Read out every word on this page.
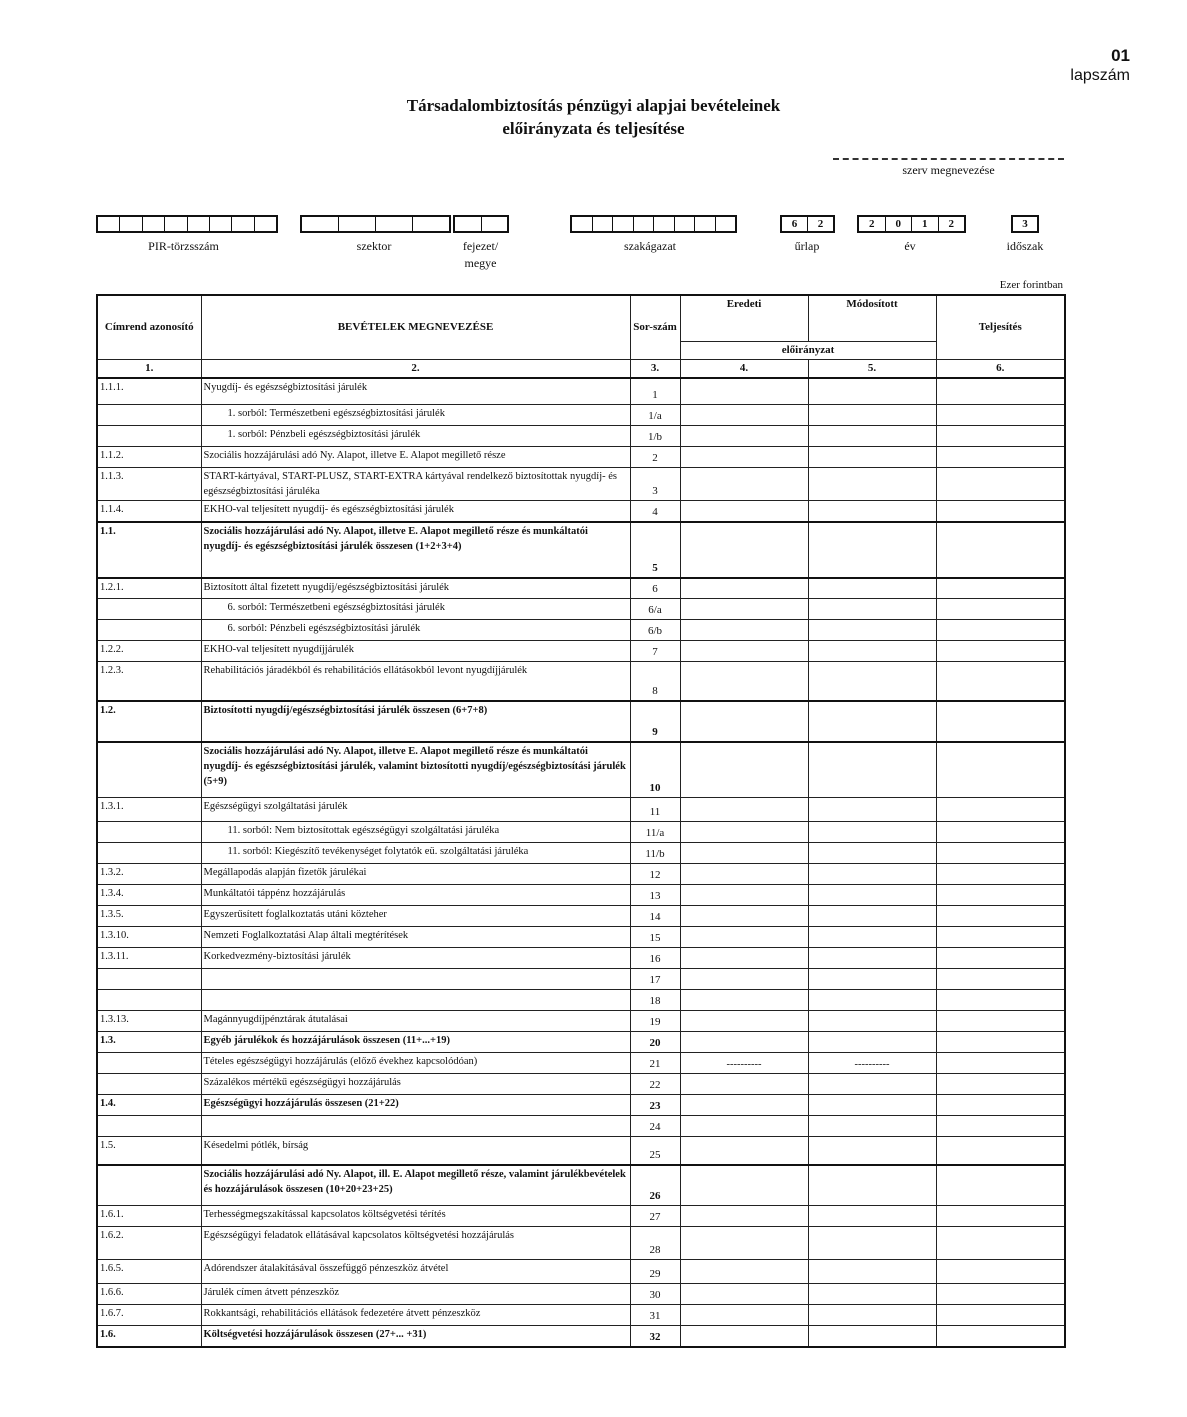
01
lapszám
Társadalombiztosítás pénzügyi alapjai bevételeinek
előirányzata és teljesítése
szerv megnevezése
PIR-törzsszám	szektor	fejezet/
megye
szakágazat
6	2
űrlap
2	0	1	2
év
3
időszak
Ezer forintban
Címrend azonosító	BEVÉTELEK MEGNEVEZÉSE	Sor-szám	Eredeti	Módosított	Teljesítés
			előirányzat		
1.	2.	3.	4.	5.	6.
1.1.1.	Nyugdíj- és egészségbiztosítási járulék	1			
	1. sorból: Természetbeni egészségbiztosítási járulék	1/a			
	1. sorból: Pénzbeli egészségbiztosítási járulék	1/b			
1.1.2.	Szociális hozzájárulási adó Ny. Alapot, illetve E. Alapot megillető része	2			
1.1.3.	START-kártyával, START-PLUSZ, START-EXTRA kártyával rendelkező biztosítottak nyugdíj- és egészségbiztosítási járuléka	3			
1.1.4.	EKHO-val teljesített nyugdíj- és egészségbiztosítási járulék	4			
1.1.	Szociális hozzájárulási adó Ny. Alapot, illetve E. Alapot megillető része és munkáltatói nyugdíj- és egészségbiztosítási járulék összesen (1+2+3+4)	5			
1.2.1.	Biztosított által fizetett nyugdíj/egészségbiztosítási járulék	6			
	6. sorból: Természetbeni egészségbiztosítási járulék	6/a			
	6. sorból: Pénzbeli egészségbiztosítási járulék	6/b			
1.2.2.	EKHO-val teljesített nyugdíjjárulék	7			
1.2.3.	Rehabilitációs járadékból és rehabilitációs ellátásokból levont nyugdíjjárulék	8			
1.2.	Biztosítotti nyugdíj/egészségbiztosítási járulék összesen (6+7+8)	9			
	Szociális hozzájárulási adó Ny. Alapot, illetve E. Alapot megillető része és munkáltatói nyugdíj- és egészségbiztosítási járulék, valamint biztosítotti nyugdíj/egészségbiztosítási járulék (5+9)	10			
1.3.1.	Egészségügyi szolgáltatási járulék	11			
	11. sorból: Nem biztosítottak egészségügyi szolgáltatási járuléka	11/a			
	11. sorból: Kiegészítő tevékenységet folytatók eü. szolgáltatási járuléka	11/b			
1.3.2.	Megállapodás alapján fizetők járulékai	12			
1.3.4.	Munkáltatói táppénz hozzájárulás	13			
1.3.5.	Egyszerűsített foglalkoztatás utáni közteher	14			
1.3.10.	Nemzeti Foglalkoztatási Alap általi megtérítések	15			
1.3.11.	Korkedvezmény-biztosítási járulék	16			
		17			
		18			
1.3.13.	Magánnyugdíjpénztárak átutalásai	19			
1.3.	Egyéb járulékok és hozzájárulások összesen (11+...+19)	20			
	Tételes egészségügyi hozzájárulás (előző évekhez kapcsolódóan)	21	----------	----------	
	Százalékos mértékű egészségügyi hozzájárulás	22			
1.4.	Egészségügyi hozzájárulás összesen (21+22)	23			
		24			
1.5.	Késedelmi pótlék, bírság	25			
	Szociális hozzájárulási adó Ny. Alapot, ill. E. Alapot megillető része, valamint járulékbevételek és hozzájárulások összesen (10+20+23+25)	26			
1.6.1.	Terhességmegszakítással kapcsolatos költségvetési térítés	27			
1.6.2.	Egészségügyi feladatok ellátásával kapcsolatos költségvetési hozzájárulás	28			
1.6.5.	Adórendszer átalakításával összefüggő pénzeszköz átvétel	29			
1.6.6.	Járulék címen átvett pénzeszköz	30			
1.6.7.	Rokkantsági, rehabilitációs ellátások fedezetére átvett pénzeszköz	31			
1.6.	Költségvetési hozzájárulások összesen (27+... +31)	32			
